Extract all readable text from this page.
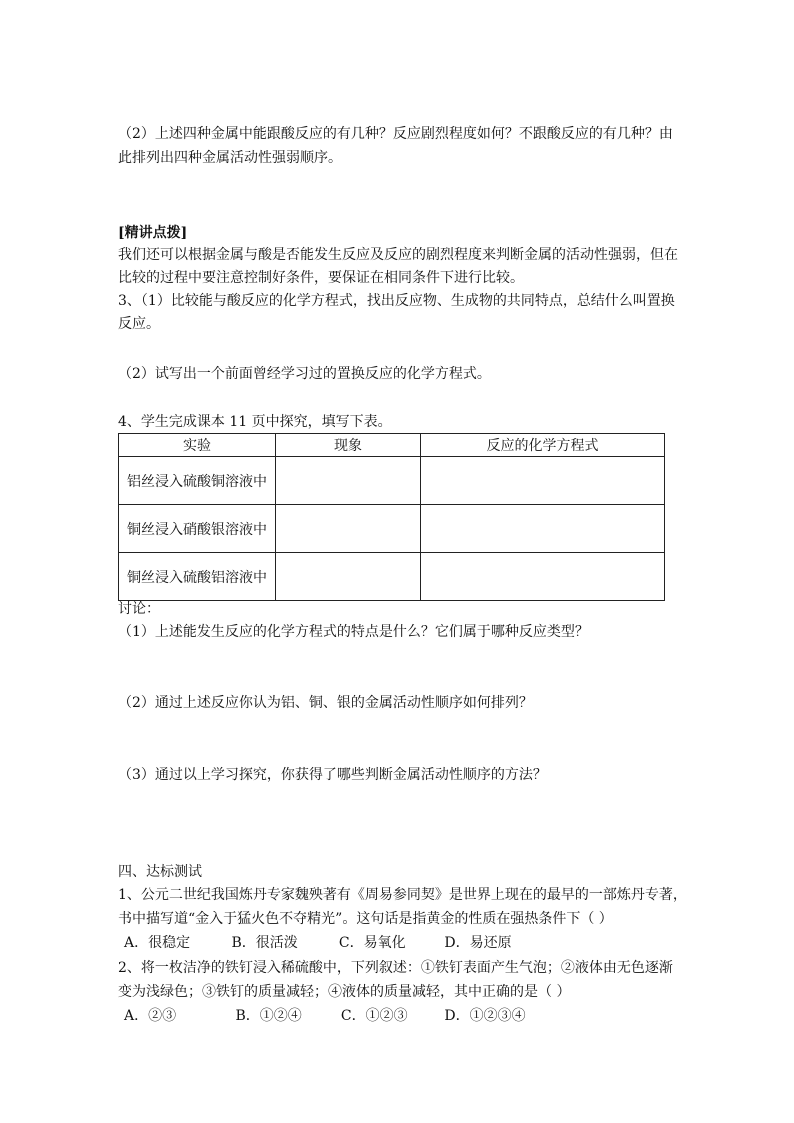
（2）上述四种金属中能跟酸反应的有几种？反应剧烈程度如何？不跟酸反应的有几种？由
此排列出四种金属活动性强弱顺序。
[精讲点拨]
我们还可以根据金属与酸是否能发生反应及反应的剧烈程度来判断金属的活动性强弱，但在
比较的过程中要注意控制好条件，要保证在相同条件下进行比较。
3、（1）比较能与酸反应的化学方程式，找出反应物、生成物的共同特点，总结什么叫置换
反应。
（2）试写出一个前面曾经学习过的置换反应的化学方程式。
4、学生完成课本 11 页中探究，填写下表。
实验	现象	反应的化学方程式
铝丝浸入硫酸铜溶液中		
铜丝浸入硝酸银溶液中		
铜丝浸入硫酸铝溶液中		
讨论：
（1）上述能发生反应的化学方程式的特点是什么？它们属于哪种反应类型？
（2）通过上述反应你认为铝、铜、银的金属活动性顺序如何排列？
（3）通过以上学习探究，你获得了哪些判断金属活动性顺序的方法？
四、达标测试
1、公元二世纪我国炼丹专家魏殃著有《周易参同契》是世界上现在的最早的一部炼丹专著，
书中描写道“金入于猛火色不夺精光”。这句话是指黄金的性质在强热条件下（ ）
A．很稳定	B．很活泼	C．易氧化	D．易还原
2、将一枚洁净的铁钉浸入稀硫酸中，下列叙述：①铁钉表面产生气泡；②液体由无色逐渐
变为浅绿色；③铁钉的质量减轻；④液体的质量减轻，其中正确的是（ ）
A．②③	B．①②④	C．①②③	D．①②③④
